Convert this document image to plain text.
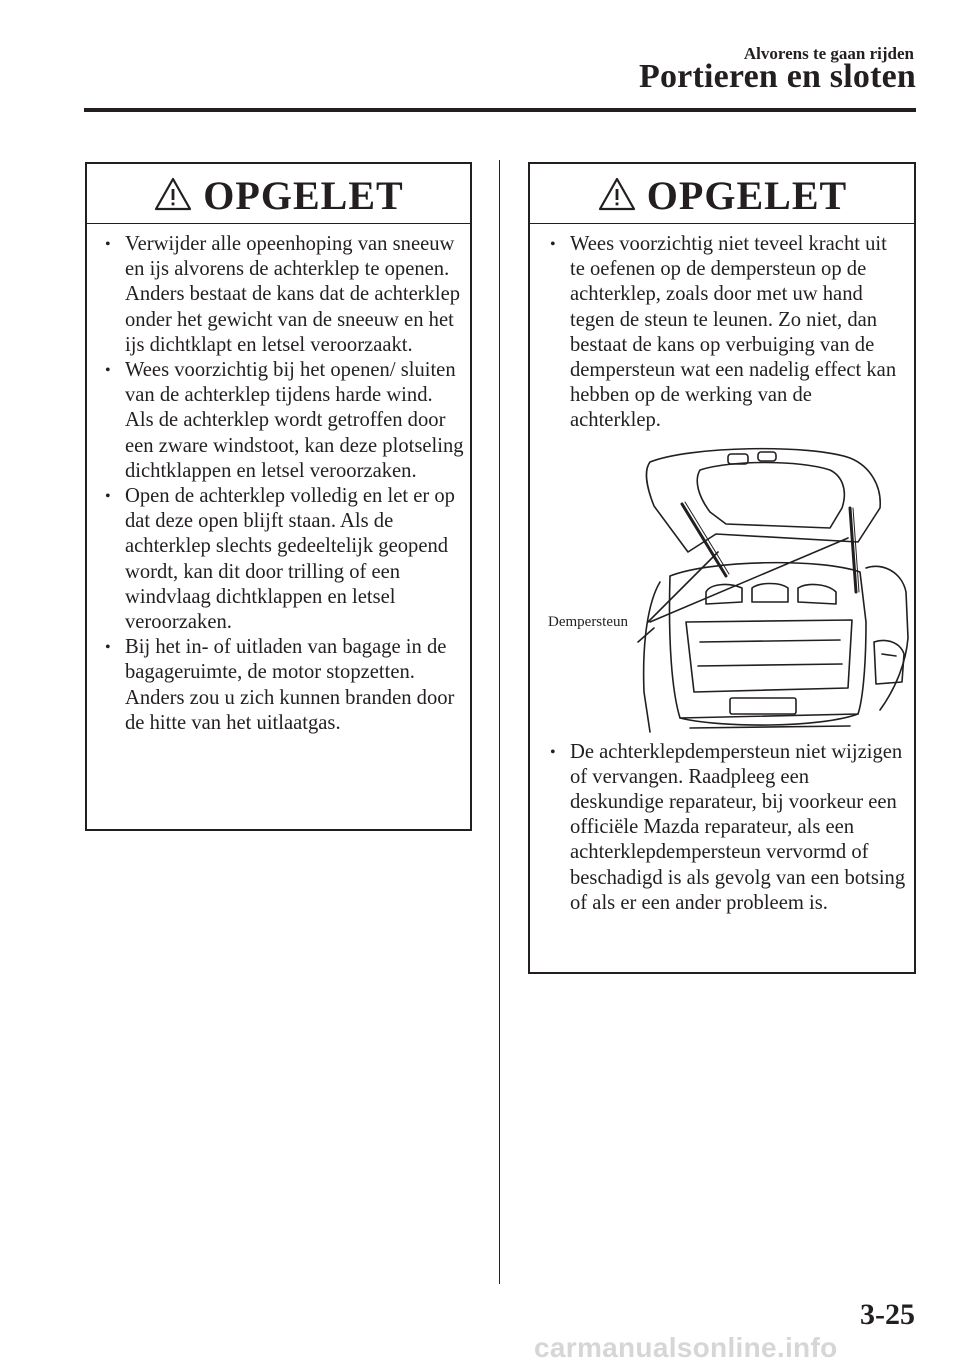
Alvorens te gaan rijden
Portieren en sloten
OPGELET
• Verwijder alle opeenhoping van sneeuw en ijs alvorens de achterklep te openen. Anders bestaat de kans dat de achterklep onder het gewicht van de sneeuw en het ijs dichtklapt en letsel veroorzaakt.
• Wees voorzichtig bij het openen/ sluiten van de achterklep tijdens harde wind. Als de achterklep wordt getroffen door een zware windstoot, kan deze plotseling dichtklappen en letsel veroorzaken.
• Open de achterklep volledig en let er op dat deze open blijft staan. Als de achterklep slechts gedeeltelijk geopend wordt, kan dit door trilling of een windvlaag dichtklappen en letsel veroorzaken.
• Bij het in- of uitladen van bagage in de bagageruimte, de motor stopzetten. Anders zou u zich kunnen branden door de hitte van het uitlaatgas.
OPGELET
• Wees voorzichtig niet teveel kracht uit te oefenen op de dempersteun op de achterklep, zoals door met uw hand tegen de steun te leunen. Zo niet, dan bestaat de kans op verbuiging van de dempersteun wat een nadelig effect kan hebben op de werking van de achterklep.
Dempersteun
• De achterklepdempersteun niet wijzigen of vervangen. Raadpleeg een deskundige reparateur, bij voorkeur een officiële Mazda reparateur, als een achterklepdempersteun vervormd of beschadigd is als gevolg van een botsing of als er een ander probleem is.
3-25
carmanualsonline.info
